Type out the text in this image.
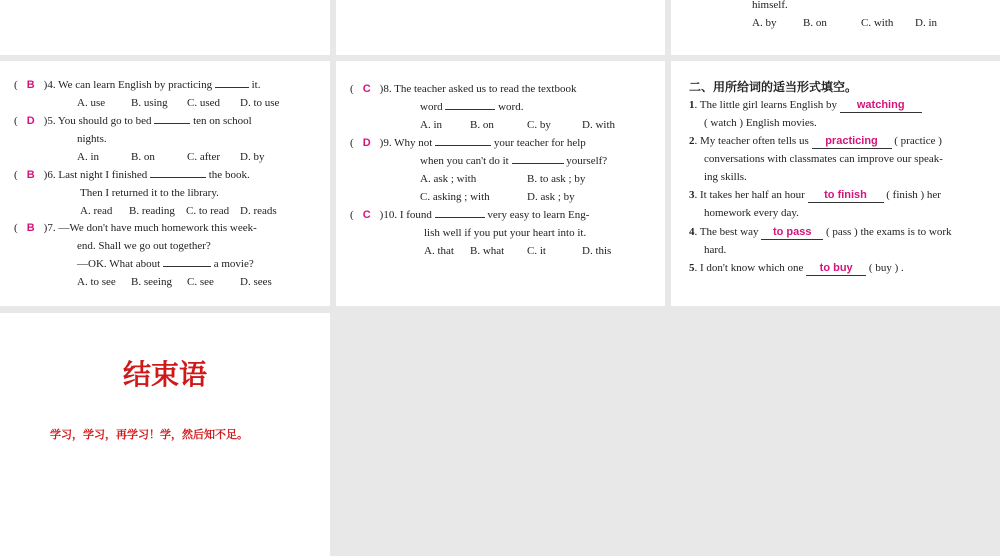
himself.
A. by B. on	C. with D. in
( B )4. We can learn English by practicing	it.
A. use B. using C. used D. to use
( D )5. You should go to bed	ten on school
nights.
A. in	B. on	C. after D. by
( B )6. Last night I finished	the book.
Then I returned it to the library.
A. read B. reading C. to read D. reads
( B )7. —We don't have much homework this week-
end. Shall we go out together?
—OK. What about	a movie?
A. to see B. seeing C. see D. sees
( C )8. The teacher asked us to read the textbook
word	word.
A. in	B. on	C. by	D. with
( D )9. Why not	your teacher for help
when you can't do it	yourself?
A. ask ; with	B. to ask ; by
C. asking ; with	D. ask ; by
( C )10. I found	very easy to learn Eng-
lish well if you put your heart into it.
A. that B. what C. it	D. this
二、用所给词的适当形式填空。
1. The little girl learns English by watching
( watch ) English movies.
2. My teacher often tells us practicing ( practice )
conversations with classmates can improve our speak-
ing skills.
3. It takes her half an hour to finish ( finish ) her
homework every day.
4. The best way to pass ( pass ) the exams is to work
hard.
5. I don't know which one to buy ( buy ) .
结束语
学习，学习，再学习！学，然后知不足。
